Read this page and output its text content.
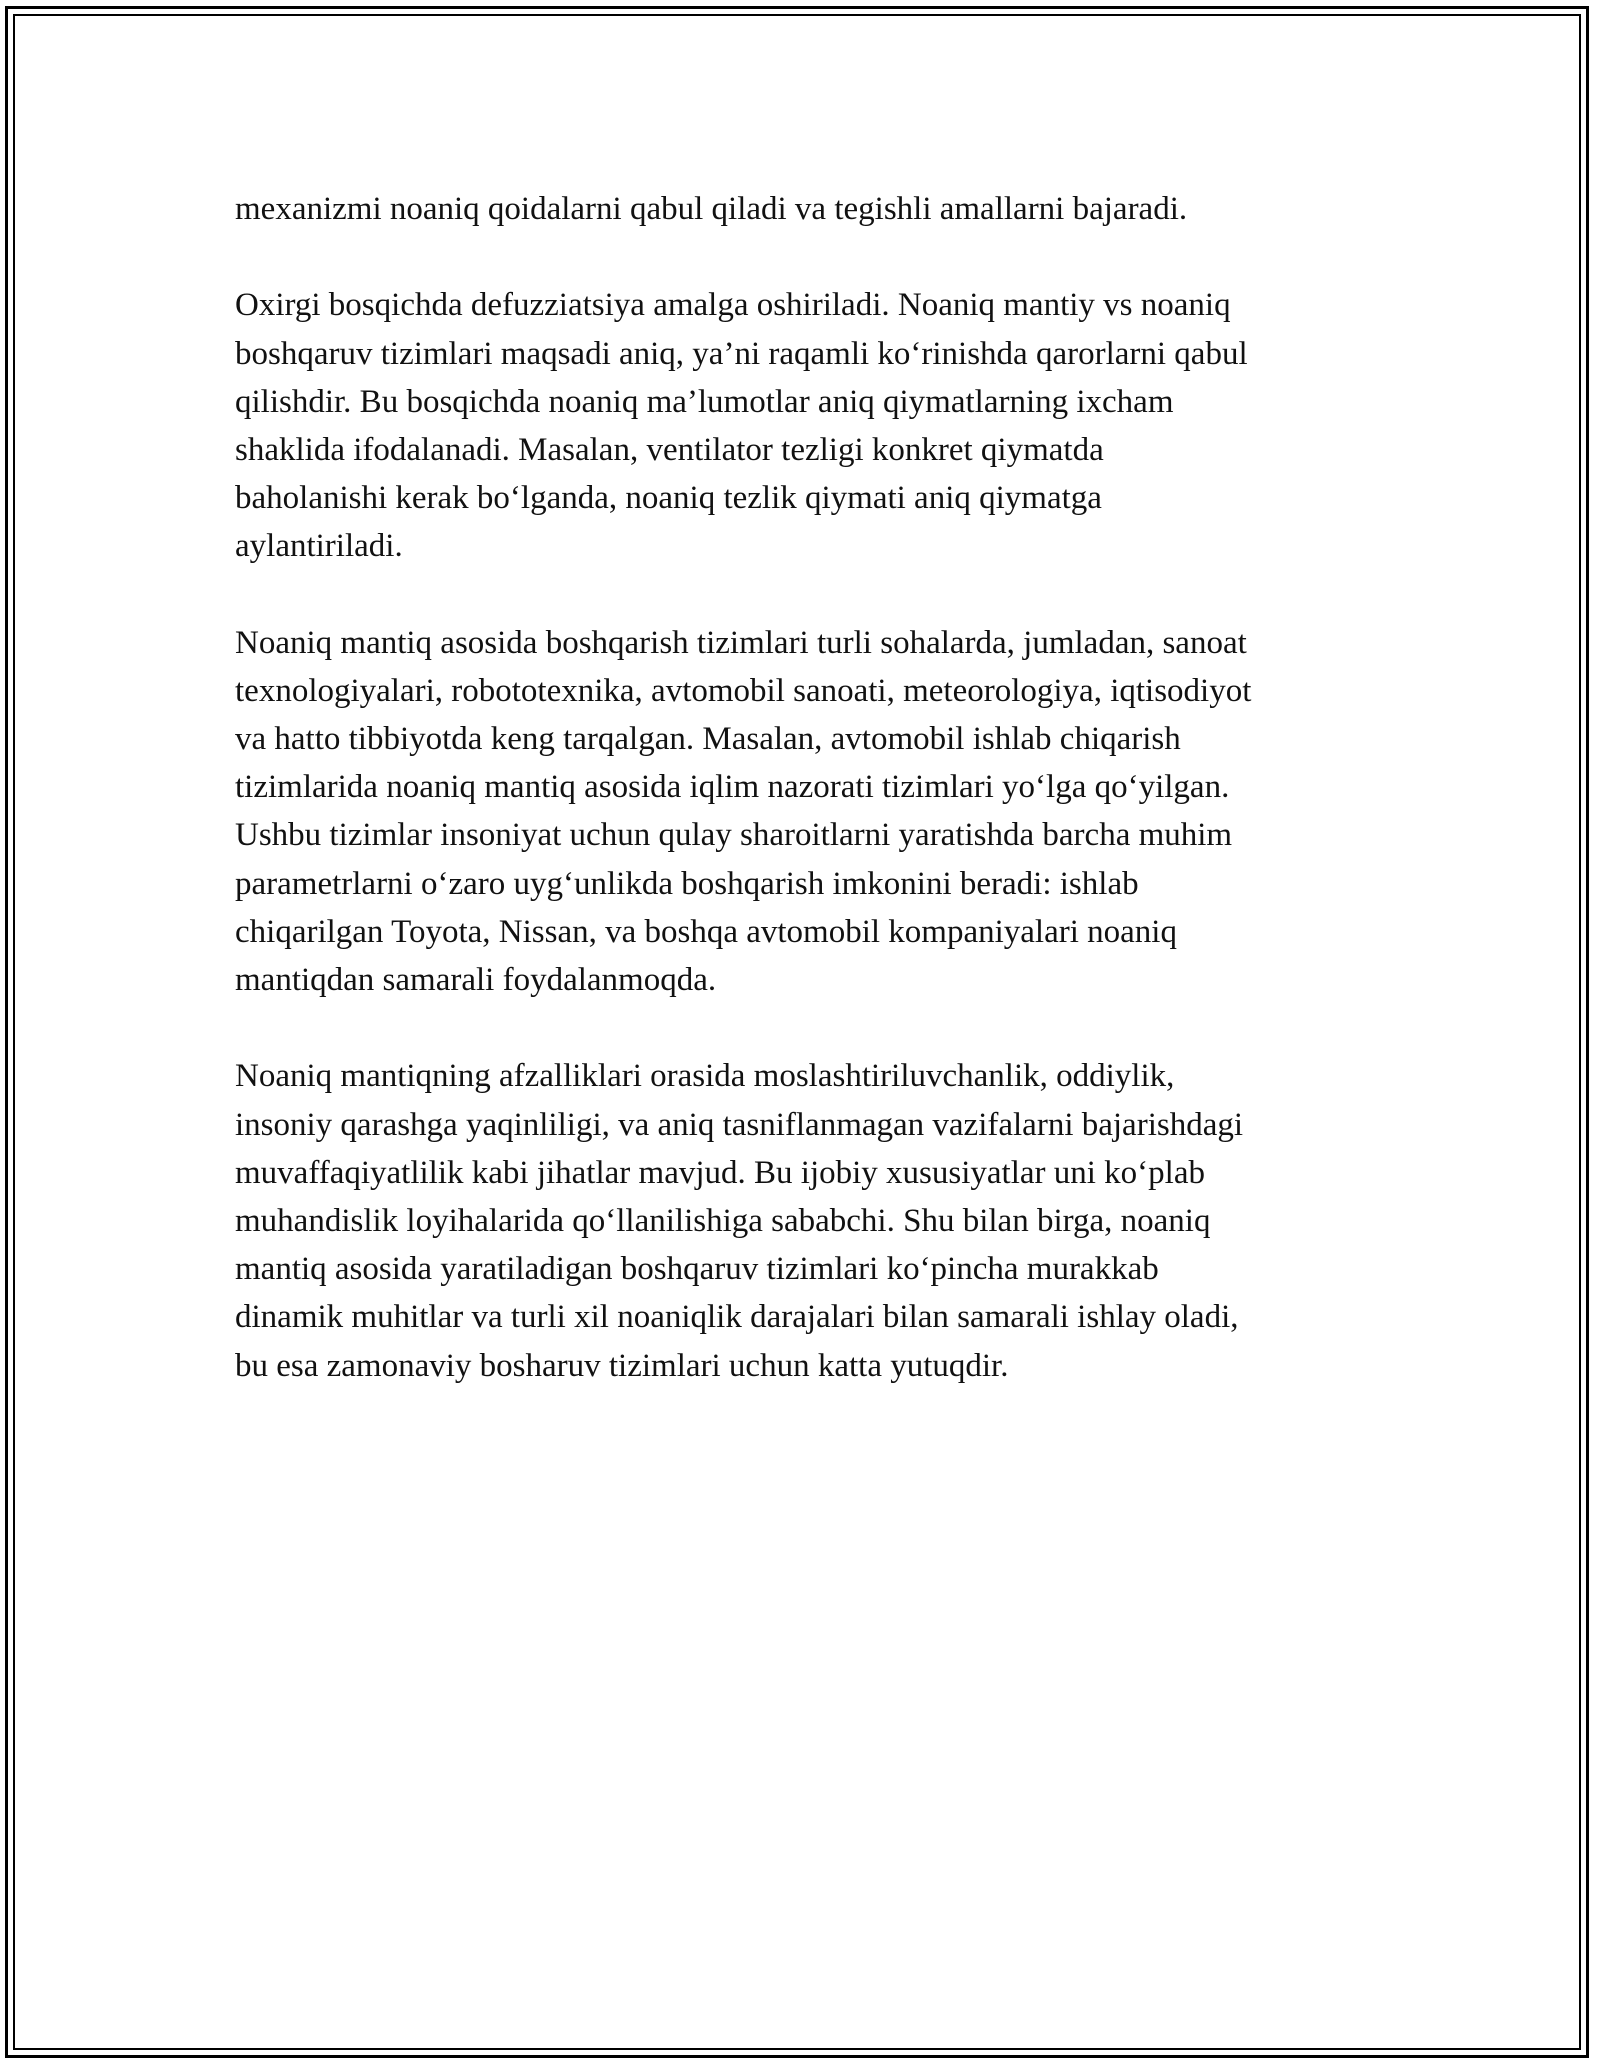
mexanizmi noaniq qoidalarni qabul qiladi va tegishli amallarni bajaradi.

Oxirgi bosqichda defuzziatsiya amalga oshiriladi. Noaniq mantiy vs noaniq
boshqaruv tizimlari maqsadi aniq, ya’ni raqamli ko‘rinishda qarorlarni qabul
qilishdir. Bu bosqichda noaniq ma’lumotlar aniq qiymatlarning ixcham
shaklida ifodalanadi. Masalan, ventilator tezligi konkret qiymatda
baholanishi kerak bo‘lganda, noaniq tezlik qiymati aniq qiymatga
aylantiriladi.

Noaniq mantiq asosida boshqarish tizimlari turli sohalarda, jumladan, sanoat
texnologiyalari, robototexnika, avtomobil sanoati, meteorologiya, iqtisodiyot
va hatto tibbiyotda keng tarqalgan. Masalan, avtomobil ishlab chiqarish
tizimlarida noaniq mantiq asosida iqlim nazorati tizimlari yo‘lga qo‘yilgan.
Ushbu tizimlar insoniyat uchun qulay sharoitlarni yaratishda barcha muhim
parametrlarni o‘zaro uyg‘unlikda boshqarish imkonini beradi: ishlab
chiqarilgan Toyota, Nissan, va boshqa avtomobil kompaniyalari noaniq
mantiqdan samarali foydalanmoqda.

Noaniq mantiqning afzalliklari orasida moslashtiriluvchanlik, oddiylik,
insoniy qarashga yaqinliligi, va aniq tasniflanmagan vazifalarni bajarishdagi
muvaffaqiyatlilik kabi jihatlar mavjud. Bu ijobiy xususiyatlar uni ko‘plab
muhandislik loyihalarida qo‘llanilishiga sababchi. Shu bilan birga, noaniq
mantiq asosida yaratiladigan boshqaruv tizimlari ko‘pincha murakkab
dinamik muhitlar va turli xil noaniqlik darajalari bilan samarali ishlay oladi,
bu esa zamonaviy bosharuv tizimlari uchun katta yutuqdir.
